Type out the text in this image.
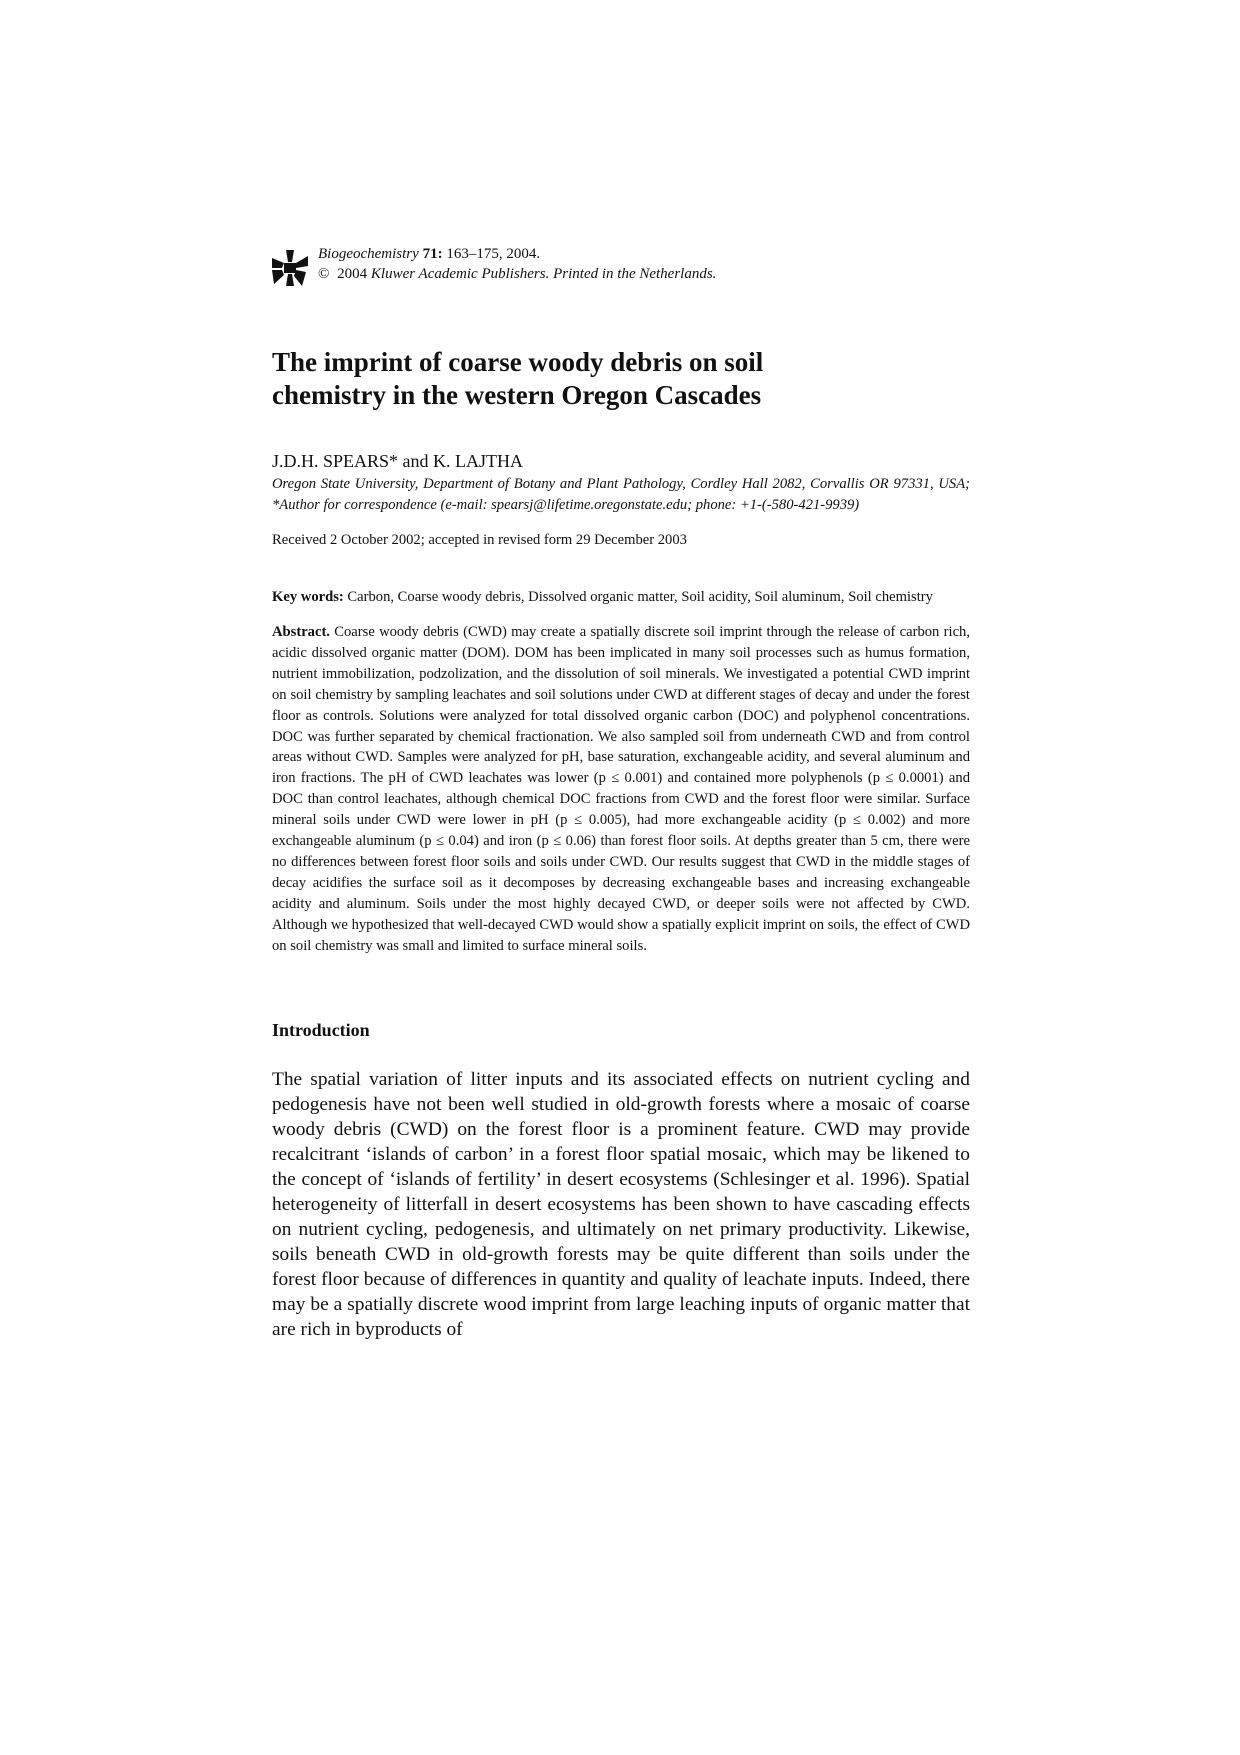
Biogeochemistry 71: 163–175, 2004.
© 2004 Kluwer Academic Publishers. Printed in the Netherlands.
The imprint of coarse woody debris on soil chemistry in the western Oregon Cascades
J.D.H. SPEARS* and K. LAJTHA
Oregon State University, Department of Botany and Plant Pathology, Cordley Hall 2082, Corvallis OR 97331, USA; *Author for correspondence (e-mail: spearsj@lifetime.oregonstate.edu; phone: +1-(-580-421-9939)
Received 2 October 2002; accepted in revised form 29 December 2003
Key words: Carbon, Coarse woody debris, Dissolved organic matter, Soil acidity, Soil aluminum, Soil chemistry
Abstract. Coarse woody debris (CWD) may create a spatially discrete soil imprint through the release of carbon rich, acidic dissolved organic matter (DOM). DOM has been implicated in many soil processes such as humus formation, nutrient immobilization, podzolization, and the dissolution of soil minerals. We investigated a potential CWD imprint on soil chemistry by sampling leachates and soil solutions under CWD at different stages of decay and under the forest floor as controls. Solutions were analyzed for total dissolved organic carbon (DOC) and polyphenol concentrations. DOC was further separated by chemical fractionation. We also sampled soil from underneath CWD and from control areas without CWD. Samples were analyzed for pH, base saturation, exchangeable acidity, and several aluminum and iron fractions. The pH of CWD leachates was lower (p ≤ 0.001) and contained more polyphenols (p ≤ 0.0001) and DOC than control leachates, although chemical DOC fractions from CWD and the forest floor were similar. Surface mineral soils under CWD were lower in pH (p ≤ 0.005), had more exchangeable acidity (p ≤ 0.002) and more exchangeable aluminum (p ≤ 0.04) and iron (p ≤ 0.06) than forest floor soils. At depths greater than 5 cm, there were no differences between forest floor soils and soils under CWD. Our results suggest that CWD in the middle stages of decay acidifies the surface soil as it decomposes by decreasing exchangeable bases and increasing exchangeable acidity and aluminum. Soils under the most highly decayed CWD, or deeper soils were not affected by CWD. Although we hypothesized that well-decayed CWD would show a spatially explicit imprint on soils, the effect of CWD on soil chemistry was small and limited to surface mineral soils.
Introduction

The spatial variation of litter inputs and its associated effects on nutrient cycling and pedogenesis have not been well studied in old-growth forests where a mosaic of coarse woody debris (CWD) on the forest floor is a prominent feature. CWD may provide recalcitrant ‘islands of carbon’ in a forest floor spatial mosaic, which may be likened to the concept of ‘islands of fertility’ in desert ecosystems (Schlesinger et al. 1996). Spatial heterogeneity of litterfall in desert ecosystems has been shown to have cascading effects on nutrient cycling, pedogenesis, and ultimately on net primary productivity. Likewise, soils beneath CWD in old-growth forests may be quite different than soils under the forest floor because of differences in quantity and quality of leachate inputs. Indeed, there may be a spatially discrete wood imprint from large leaching inputs of organic matter that are rich in byproducts of
